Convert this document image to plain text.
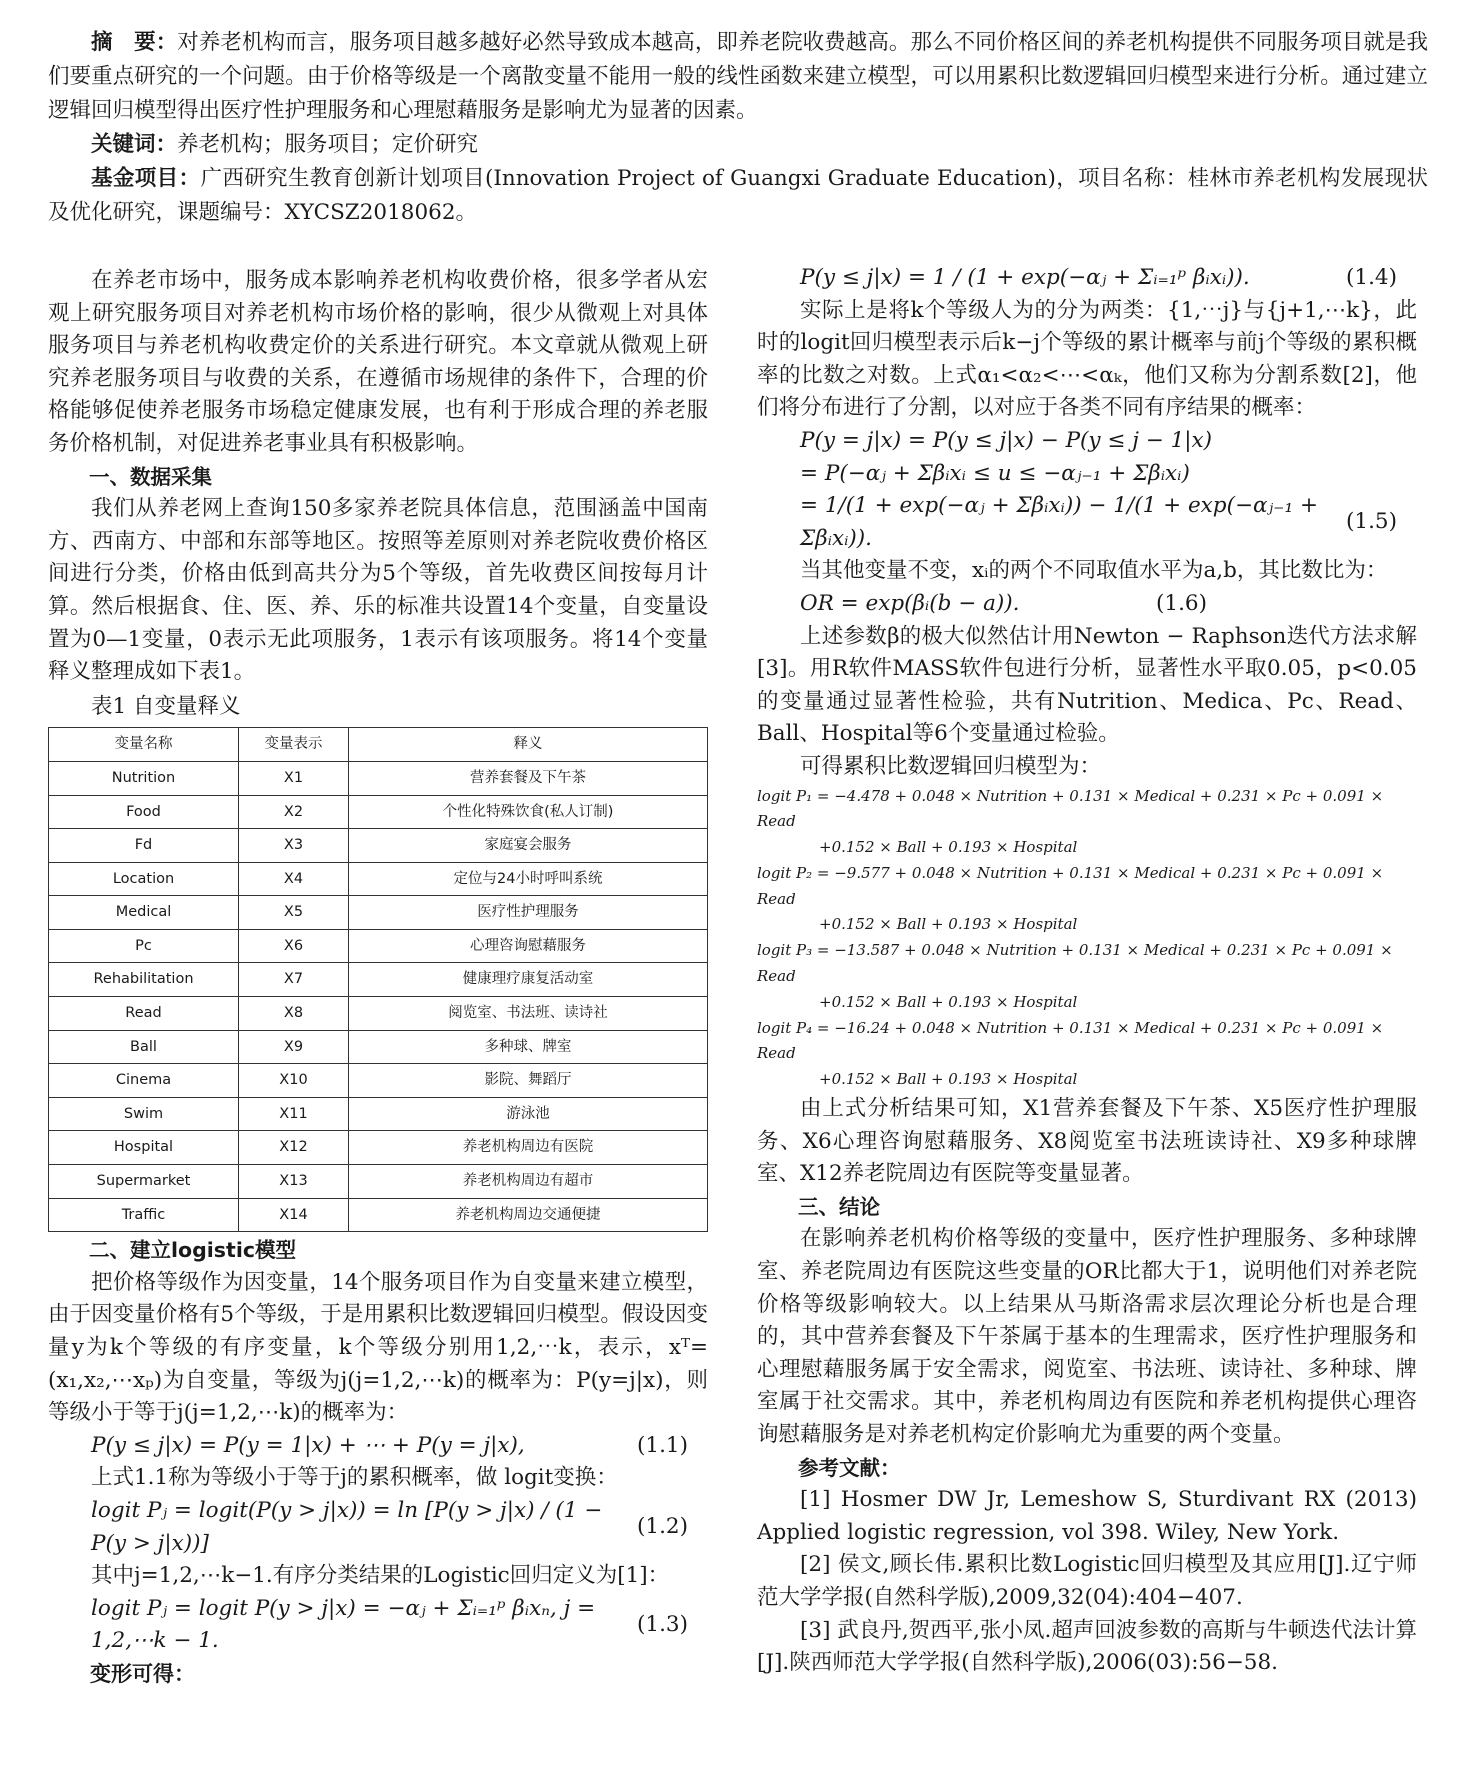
摘　要：对养老机构而言，服务项目越多越好必然导致成本越高，即养老院收费越高。那么不同价格区间的养老机构提供不同服务项目就是我们要重点研究的一个问题。由于价格等级是一个离散变量不能用一般的线性函数来建立模型，可以用累积比数逻辑回归模型来进行分析。通过建立逻辑回归模型得出医疗性护理服务和心理慰藉服务是影响尤为显著的因素。

关键词：养老机构；服务项目；定价研究

基金项目：广西研究生教育创新计划项目(Innovation Project of Guangxi Graduate Education)，项目名称：桂林市养老机构发展现状及优化研究，课题编号：XYCSZ2018062。

在养老市场中，服务成本影响养老机构收费价格，很多学者从宏观上研究服务项目对养老机构市场价格的影响，很少从微观上对具体服务项目与养老机构收费定价的关系进行研究。本文章就从微观上研究养老服务项目与收费的关系，在遵循市场规律的条件下，合理的价格能够促使养老服务市场稳定健康发展，也有利于形成合理的养老服务价格机制，对促进养老事业具有积极影响。

一、数据采集

我们从养老网上查询150多家养老院具体信息，范围涵盖中国南方、西南方、中部和东部等地区。按照等差原则对养老院收费价格区间进行分类，价格由低到高共分为5个等级，首先收费区间按每月计算。然后根据食、住、医、养、乐的标准共设置14个变量，自变量设置为0—1变量，0表示无此项服务，1表示有该项服务。将14个变量释义整理成如下表1。

表1 自变量释义
变量名称	变量表示	释义
Nutrition	X1	营养套餐及下午茶
Food	X2	个性化特殊饮食(私人订制)
Fd	X3	家庭宴会服务
Location	X4	定位与24小时呼叫系统
Medical	X5	医疗性护理服务
Pc	X6	心理咨询慰藉服务
Rehabilitation	X7	健康理疗康复活动室
Read	X8	阅览室、书法班、读诗社
Ball	X9	多种球、牌室
Cinema	X10	影院、舞蹈厅
Swim	X11	游泳池
Hospital	X12	养老机构周边有医院
Supermarket	X13	养老机构周边有超市
Traffic	X14	养老机构周边交通便捷
二、建立logistic模型

把价格等级作为因变量，14个服务项目作为自变量来建立模型，由于因变量价格有5个等级，于是用累积比数逻辑回归模型。假设因变量y为k个等级的有序变量，k个等级分别用1,2,⋯k，表示，xᵀ=(x₁,x₂,⋯xₚ)为自变量，等级为j(j=1,2,⋯k)的概率为：P(y=j|x)，则等级小于等于j(j=1,2,⋯k)的概率为：

P(y ≤ j|x) = P(y = 1|x) + ⋯ + P(y = j|x),	(1.1)

上式1.1称为等级小于等于j的累积概率，做 logit变换：

logit Pⱼ = logit(P(y > j|x)) = ln [P(y > j|x) / (1 − P(y > j|x))]
(1.2)

其中j=1,2,⋯k−1.有序分类结果的Logistic回归定义为[1]：

logit Pⱼ = logit P(y > j|x) = −αⱼ + Σᵢ₌₁ᵖ βᵢxₙ, j = 1,2,⋯k − 1.
(1.3)

变形可得：

P(y ≤ j|x) = 1 / (1 + exp(−αⱼ + Σᵢ₌₁ᵖ βᵢxᵢ)).	(1.4)

实际上是将k个等级人为的分为两类：{1,⋯j}与{j+1,⋯k}，此时的logit回归模型表示后k−j个等级的累计概率与前j个等级的累积概率的比数之对数。上式α₁<α₂<⋯<αₖ，他们又称为分割系数[2]，他们将分布进行了分割，以对应于各类不同有序结果的概率：

P(y = j|x) = P(y ≤ j|x) − P(y ≤ j − 1|x)
= P(−αⱼ + Σβᵢxᵢ ≤ u ≤ −αⱼ₋₁ + Σβᵢxᵢ)
= 1/(1 + exp(−αⱼ + Σβᵢxᵢ)) − 1/(1 + exp(−αⱼ₋₁ + Σβᵢxᵢ)).
(1.5)

当其他变量不变，xᵢ的两个不同取值水平为a,b，其比数比为：

OR = exp(βᵢ(b − a)).	(1.6)

上述参数β的极大似然估计用Newton − Raphson迭代方法求解[3]。用R软件MASS软件包进行分析，显著性水平取0.05，p<0.05的变量通过显著性检验，共有Nutrition、Medica、Pc、Read、Ball、Hospital等6个变量通过检验。

可得累积比数逻辑回归模型为：

logit P₁ = −4.478 + 0.048 × Nutrition + 0.131 × Medical + 0.231 × Pc + 0.091 × Read
+0.152 × Ball + 0.193 × Hospital
logit P₂ = −9.577 + 0.048 × Nutrition + 0.131 × Medical + 0.231 × Pc + 0.091 × Read
+0.152 × Ball + 0.193 × Hospital
logit P₃ = −13.587 + 0.048 × Nutrition + 0.131 × Medical + 0.231 × Pc + 0.091 × Read
+0.152 × Ball + 0.193 × Hospital
logit P₄ = −16.24 + 0.048 × Nutrition + 0.131 × Medical + 0.231 × Pc + 0.091 × Read
+0.152 × Ball + 0.193 × Hospital

由上式分析结果可知，X1营养套餐及下午茶、X5医疗性护理服务、X6心理咨询慰藉服务、X8阅览室书法班读诗社、X9多种球牌室、X12养老院周边有医院等变量显著。

三、结论

在影响养老机构价格等级的变量中，医疗性护理服务、多种球牌室、养老院周边有医院这些变量的OR比都大于1，说明他们对养老院价格等级影响较大。以上结果从马斯洛需求层次理论分析也是合理的，其中营养套餐及下午茶属于基本的生理需求，医疗性护理服务和心理慰藉服务属于安全需求，阅览室、书法班、读诗社、多种球、牌室属于社交需求。其中，养老机构周边有医院和养老机构提供心理咨询慰藉服务是对养老机构定价影响尤为重要的两个变量。

参考文献：

[1] Hosmer DW Jr, Lemeshow S, Sturdivant RX (2013) Applied logistic regression, vol 398. Wiley, New York.

[2] 侯文,顾长伟.累积比数Logistic回归模型及其应用[J].辽宁师范大学学报(自然科学版),2009,32(04):404−407.

[3] 武良丹,贺西平,张小凤.超声回波参数的高斯与牛顿迭代法计算[J].陕西师范大学学报(自然科学版),2006(03):56−58.
